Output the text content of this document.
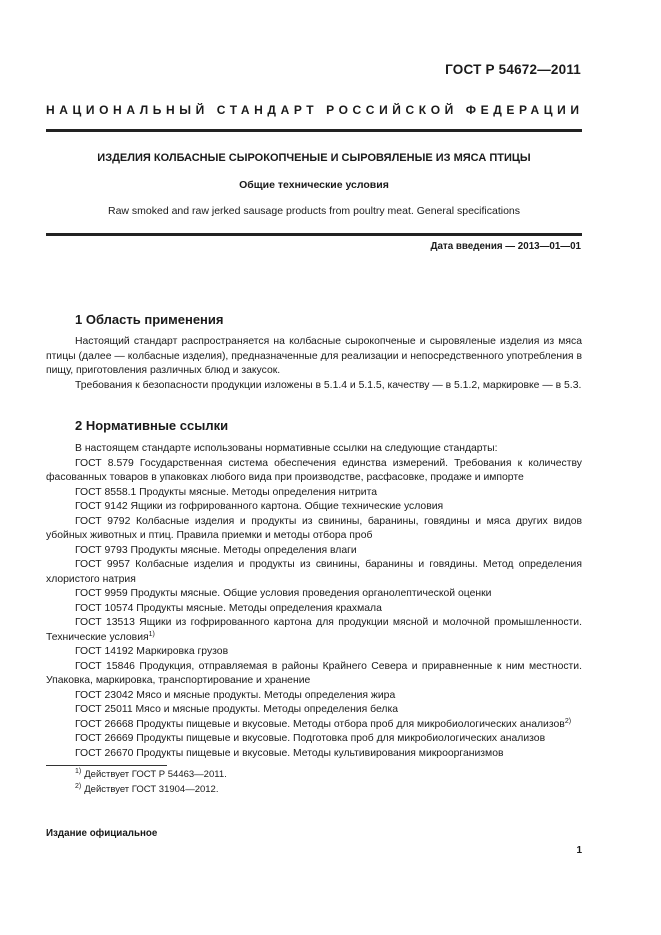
ГОСТ Р 54672—2011
НАЦИОНАЛЬНЫЙ СТАНДАРТ РОССИЙСКОЙ ФЕДЕРАЦИИ
ИЗДЕЛИЯ КОЛБАСНЫЕ СЫРОКОПЧЕНЫЕ И СЫРОВЯЛЕНЫЕ ИЗ МЯСА ПТИЦЫ
Общие технические условия
Raw smoked and raw jerked sausage products from poultry meat. General specifications
Дата введения — 2013—01—01
1 Область применения

Настоящий стандарт распространяется на колбасные сырокопченые и сыровяленые изделия из мяса птицы (далее — колбасные изделия), предназначенные для реализации и непосредственного употребления в пищу, приготовления различных блюд и закусок.

Требования к безопасности продукции изложены в 5.1.4 и 5.1.5, качеству — в 5.1.2, маркировке — в 5.3.

2 Нормативные ссылки

В настоящем стандарте использованы нормативные ссылки на следующие стандарты:

ГОСТ 8.579 Государственная система обеспечения единства измерений. Требования к количеству фасованных товаров в упаковках любого вида при производстве, расфасовке, продаже и импорте

ГОСТ 8558.1 Продукты мясные. Методы определения нитрита

ГОСТ 9142 Ящики из гофрированного картона. Общие технические условия

ГОСТ 9792 Колбасные изделия и продукты из свинины, баранины, говядины и мяса других видов убойных животных и птиц. Правила приемки и методы отбора проб

ГОСТ 9793 Продукты мясные. Методы определения влаги

ГОСТ 9957 Колбасные изделия и продукты из свинины, баранины и говядины. Метод определения хлористого натрия

ГОСТ 9959 Продукты мясные. Общие условия проведения органолептической оценки

ГОСТ 10574 Продукты мясные. Методы определения крахмала

ГОСТ 13513 Ящики из гофрированного картона для продукции мясной и молочной промышленности. Технические условия$^{1)}$

ГОСТ 14192 Маркировка грузов

ГОСТ 15846 Продукция, отправляемая в районы Крайнего Севера и приравненные к ним местности. Упаковка, маркировка, транспортирование и хранение

ГОСТ 23042 Мясо и мясные продукты. Методы определения жира

ГОСТ 25011 Мясо и мясные продукты. Методы определения белка

ГОСТ 26668 Продукты пищевые и вкусовые. Методы отбора проб для микробиологических анализов$^{2)}$

ГОСТ 26669 Продукты пищевые и вкусовые. Подготовка проб для микробиологических анализов

ГОСТ 26670 Продукты пищевые и вкусовые. Методы культивирования микроорганизмов

$^{1)}$ Действует ГОСТ Р 54463—2011.
$^{2)}$ Действует ГОСТ 31904—2012.
Издание официальное
1
